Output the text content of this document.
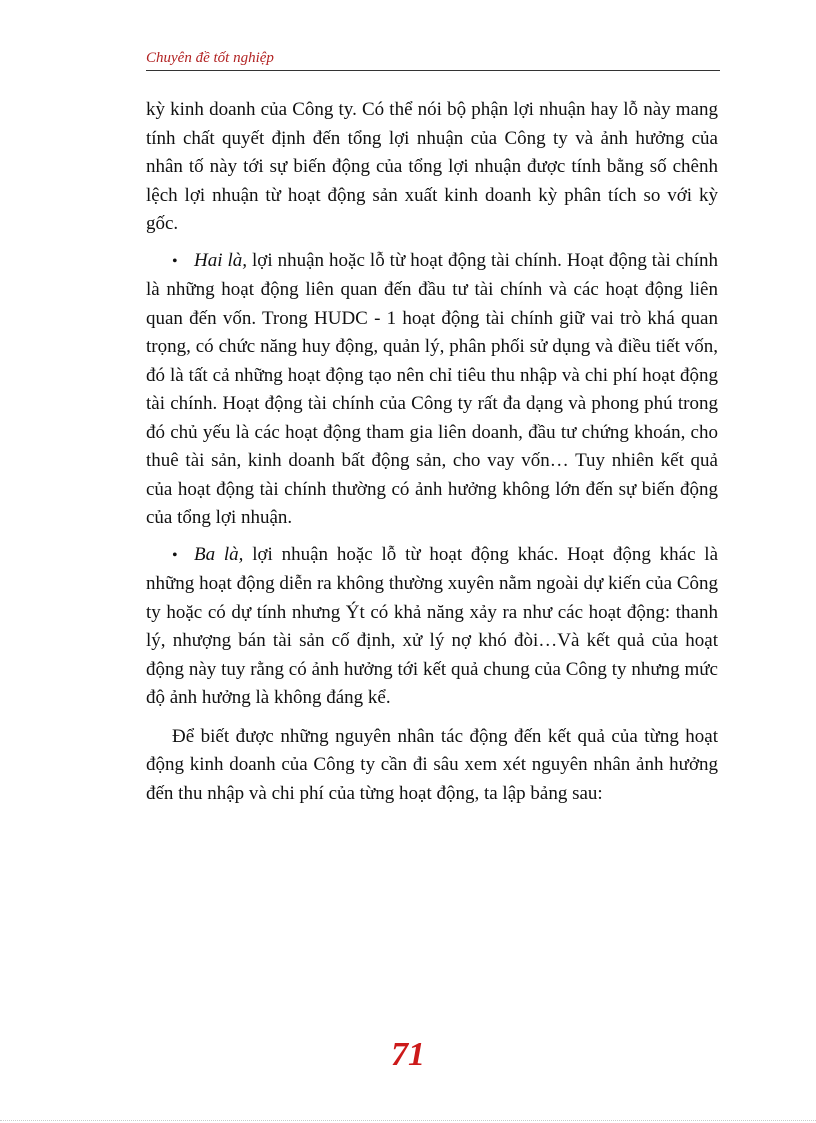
Chuyên đề tốt nghiệp

kỳ kinh doanh của Công ty. Có thể nói bộ phận lợi nhuận hay lỗ này mang tính chất quyết định đến tổng lợi nhuận của Công ty và ảnh hưởng của nhân tố này tới sự biến động của tổng lợi nhuận được tính bằng số chênh lệch lợi nhuận từ hoạt động sản xuất kinh doanh kỳ phân tích so với kỳ gốc.

• Hai là, lợi nhuận hoặc lỗ từ hoạt động tài chính. Hoạt động tài chính là những hoạt động liên quan đến đầu tư tài chính và các hoạt động liên quan đến vốn. Trong HUDC - 1 hoạt động tài chính giữ vai trò khá quan trọng, có chức năng huy động, quản lý, phân phối sử dụng và điều tiết vốn, đó là tất cả những hoạt động tạo nên chỉ tiêu thu nhập và chi phí hoạt động tài chính. Hoạt động tài chính của Công ty rất đa dạng và phong phú trong đó chủ yếu là các hoạt động tham gia liên doanh, đầu tư chứng khoán, cho thuê tài sản, kinh doanh bất động sản, cho vay vốn… Tuy nhiên kết quả của hoạt động tài chính thường có ảnh hưởng không lớn đến sự biến động của tổng lợi nhuận.

• Ba là, lợi nhuận hoặc lỗ từ hoạt động khác. Hoạt động khác là những hoạt động diễn ra không thường xuyên nằm ngoài dự kiến của Công ty hoặc có dự tính nhưng Ýt có khả năng xảy ra như các hoạt động: thanh lý, nhượng bán tài sản cố định, xử lý nợ khó đòi…Và kết quả của hoạt động này tuy rằng có ảnh hưởng tới kết quả chung của Công ty nhưng mức độ ảnh hưởng là không đáng kể.

Để biết được những nguyên nhân tác động đến kết quả của từng hoạt động kinh doanh của Công ty cần đi sâu xem xét nguyên nhân ảnh hưởng đến thu nhập và chi phí của từng hoạt động, ta lập bảng sau:

71
